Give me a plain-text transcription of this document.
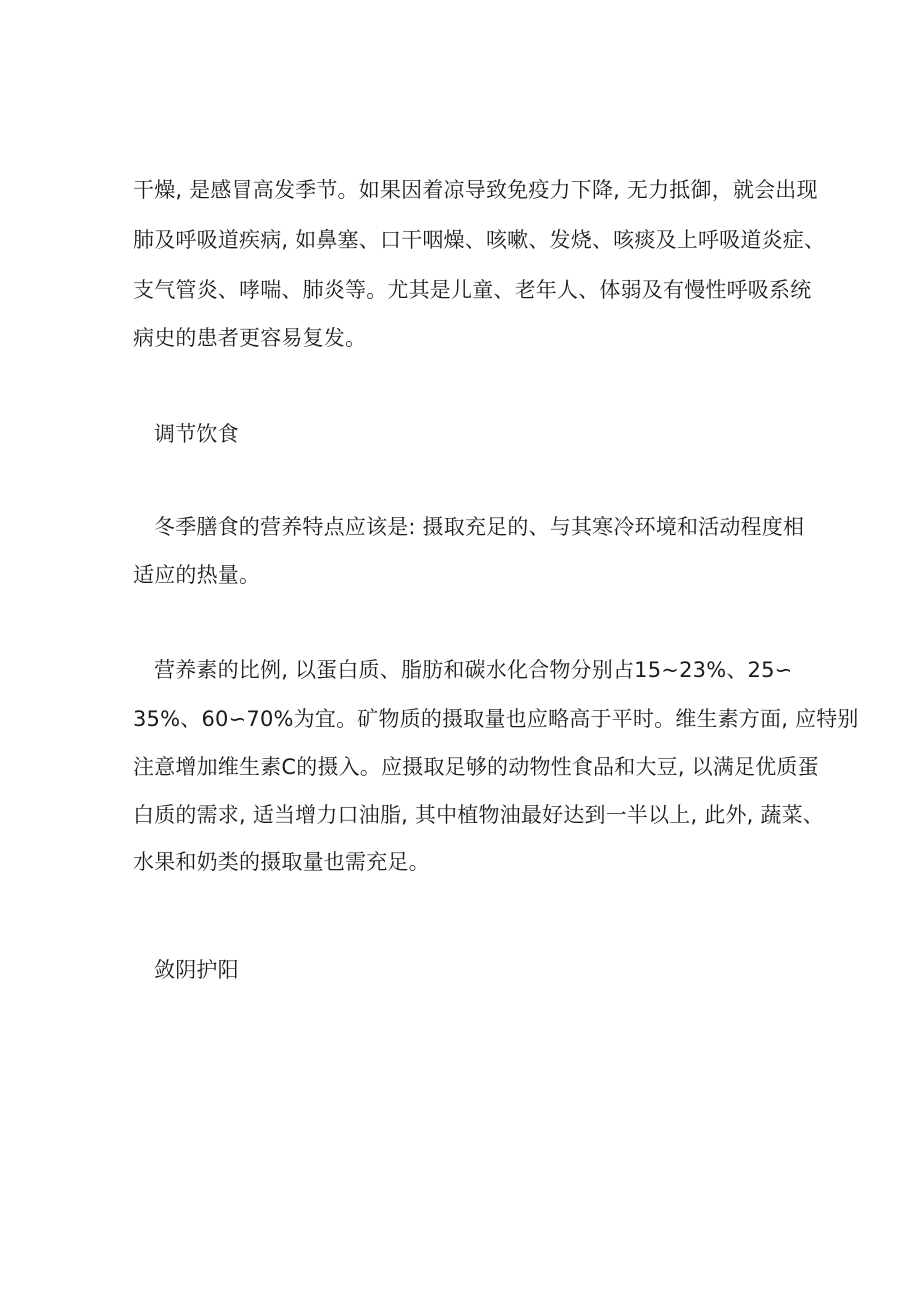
干燥, 是感冒高发季节。如果因着凉导致免疫力下降, 无力抵御，就会出现
肺及呼吸道疾病, 如鼻塞、口干咽燥、咳嗽、发烧、咳痰及上呼吸道炎症、
支气管炎、哮喘、肺炎等。尤其是儿童、老年人、体弱及有慢性呼吸系统
病史的患者更容易复发。
调节饮食
冬季膳食的营养特点应该是: 摄取充足的、与其寒冷环境和活动程度相
适应的热量。
营养素的比例, 以蛋白质、脂肪和碳水化合物分别占15~23%、25∽
35%、60∽70%为宜。矿物质的摄取量也应略高于平时。维生素方面, 应特别
注意增加维生素C的摄入。应摄取足够的动物性食品和大豆, 以满足优质蛋
白质的需求, 适当增力口油脂, 其中植物油最好达到一半以上, 此外, 蔬菜、
水果和奶类的摄取量也需充足。
敛阴护阳
